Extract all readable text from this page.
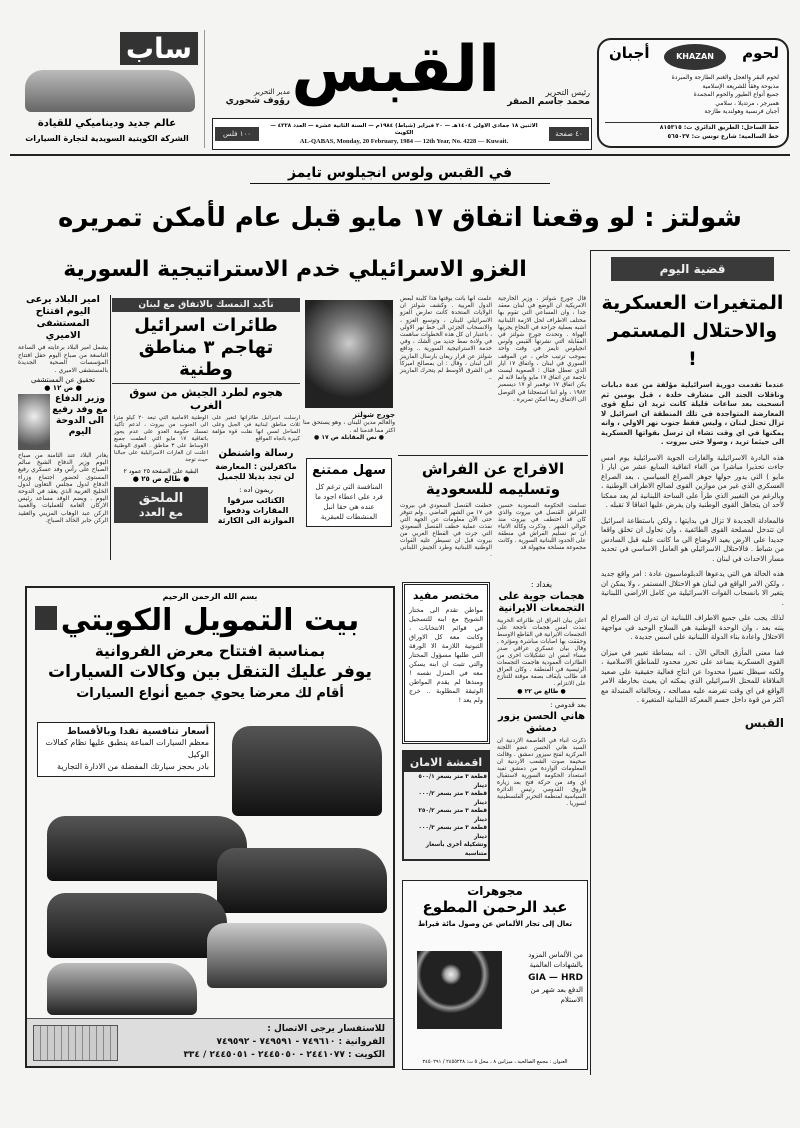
ساب
عالم جديد وديناميكي للقيادة
الشركة الكويتية السويدية لتجارة السيارات
القبس	رئيس التحرير
محمد جاسم الصقر
مدير التحرير
رؤوف شحوري
١٠٠ فلس
الاثنين ١٨ جمادى الاولى ١٤٠٤هـ — ٢٠ فبراير (شباط) ١٩٨٤م — السنة الثانية عشرة — العدد ٤٢٢٨ — الكويت
AL-QABAS, Monday, 20 February, 1984 — 12th Year, No. 4228 — Kuwait.
٤٠ صفحة
لحوم
أجبان	KHAZAN
لحوم البقر والعجل والغنم الطازجة والمبردة
مذبوحة وفقاً للشريعة الإسلامية
جميع أنواع الطيور والحوم المجمدة
همبرجر ، مرتديلا ، سلامي
أجبان فرنسية وهولندية طازجة
خط الساحل: الطريق الدائري ت: ٨١٥٣١٥
خط السالمية: شارع تونس ت: ٥٦٥٠٣٧
في القبس ولوس انجيلوس تايمز
شولتز : لو وقعنا اتفاق ١٧ مايو قبل عام لأمكن تمريره
الغزو الاسرائيلي خدم الاستراتيجية السورية	قضية اليوم
المتغيرات العسكرية والاحتلال المستمر !

عندما تقدمت دورية اسرائيلية مؤلفة من عدة دبابات وناقلات الجند الى مشارف خلدة ، قبل يومين ثم انسحبت بعد ساعات قليلة كانت تريد ان تبلغ قوى المعارضة المتواجدة في تلك المنطقة ان اسرائيل لا تزال تحتل لبنان ، وليس فقط جنوب نهر الاولي ، وانه يمكنها في اي وقت تشاء ان ترسل بقواتها العسكرية الى حيثما تريد ، وصولا حتى بيروت .

هذه البادرة الاسرائيلية والغارات الجوية الاسرائيلية يوم امس جاءت تحذيرا مباشرا من الغاء اتفاقية السابع عشر من ايار ( مايو ) التي يدور حولها جوهر الصراع السياسي ، بعد الصراع العسكري الذي غير من موازين القوى لصالح الاطراف الوطنية ، وبالرغم من التغيير الذي طرأ على الساحة اللبنانية لم يعد ممكنا لأحد ان يتجاهل القوى الوطنية وان يفرض عليها اتفاقا لا تقبله .

فالمعادلة الجديدة لا تزال في بدايتها ، ولكن باستطاعة اسرائيل ان تتدخل لمصلحة القوى الطائفية ، وان تحاول ان تخلق واقعا جديدا على الارض يعيد الاوضاع الى ما كانت عليه قبل السادس من شباط . فالاحتلال الاسرائيلي هو العامل الاساسي في تحديد مسار الاحداث في لبنان .

هذه الحالة هي التي يدعوها الدبلوماسيون عادة : امر واقع جديد ، ولكن الامر الواقع في لبنان هو الاحتلال المستمر ، ولا يمكن ان يتغير الا بانسحاب القوات الاسرائيلية من كامل الاراضي اللبنانية .

لذلك يجب على جميع الاطراف اللبنانية ان تدرك ان الصراع لم ينته بعد ، وان الوحدة الوطنية هي السلاح الوحيد في مواجهة الاحتلال واعادة بناء الدولة اللبنانية على اسس جديدة .

فما معنى المأزق الحالي الآن . انه ببساطة تغيير في ميزان القوى العسكرية يساعد على تحرر محدود للمناطق الاسلامية ، ولكنه سيظل تغييرا محدودا عن انتاج فعالية حقيقية على صعيد الملاقاة للمحتل الاسرائيلي الذي يمكنه ان يعيث بخارطة الامر الواقع في اي وقت تفرضه عليه مصالحه ، وتحالفاته المتبدلة مع اكثر من قوة داخل جسم المعركة اللبنانية المتغيرة .

القبس
امير البلاد يرعى اليوم افتتاح المستشفى الاميري

يشمل امير البلاد برعايته في الساعة التاسعة من صباح اليوم حفل افتتاح المؤسسات الصحية الجديدة بالمستشفى الاميري .

تحقيق عن المستشفى
● ص ١٢ ●
وزير الدفاع مع وفد رفيع الى الدوحة اليوم

يغادر البلاد عند الثامنة من صباح اليوم وزير الدفاع الشيخ سالم الصباح على رأس وفد عسكري رفيع المستوى لحضور اجتماع وزراء الدفاع لدول مجلس التعاون لدول الخليج العربية الذي يعقد في الدوحة اليوم . ويضم الوفد مساعد رئيس الاركان العامة للعمليات والعميد الركن عبد الوهاب المزيني والعقيد الركن جابر الخالد الصباح.

تأكيد التمسك بالاتفاق مع لبنان
طائرات اسرائيل تهاجم ٣ مناطق وطنية
هجوم لطرد الجيش من سوق الغرب

ارسلت اسرائيل طائراتها لتغير على ثلاث مناطق لبنانية في الجبل وعلى الساحل لمس انها نقلت قوة مؤلفة كبيرة باتجاه المواقع

رسالة واشنطن
ماكفرلين : المعارضة لن تجد بديلا للجميل
ريمون اده :
الكتائب سرقوا المقارات ودفعوا الموازنة الى الكارثة

الوطنية الامامية التي تبعد ٢٠ كيلو مترا الى الجنوب من بيروت ، لدعم تأكيد تمسك حكومة العدو على عدم يجوز باتفاقية ١٧ مايو التي انطمت جميع الاوساط على ٣ مناطق . القوى الوطنية اعلنت ان الغارات الاسرائيلية على جبالنا حيث توجد

البقية على الصفحة ٢٥ عمود ٢
● طالع ص ٢٥ ●
الملحق
مع العدد
جورج شولتز

والعالم مدين للبنان ، وهو يستحق منا اكثر مما قدمنا له .

● نص المقابلة ص ١٧ ●

قال جورج شولتز ، وزير الخارجية الامريكية ان الوضع في لبنان معقد جدا ، وان المساعي التي تقوم بها مختلف الاطراف لحل الازمة اللبنانية اشبه بعملية جراحة في النخاع يجريها الهواة . وتحدث جورج شولتز في المقابلة التي نشرتها القبس ولوس انجيلوس تايمز في وقت واحد بموجب ترتيب خاص ، عن الموقف السوري في لبنان ، واتفاق ١٧ ايار الذي تعطل فقال : الصعوبة ليست ناجمة عن اتفاق ١٧ مايو وانما لانه لم يكن اتفاق ١٧ نوفمبر او ١٧ ديسمبر ١٩٨٢ ، ولو اننا استعجلنا في التوصل الى الاتفاق ربما امكن تمريره .

علمت انها باتت بوقتها هذا كلبنة لبعض الدول العربية . وكشف شولتز ان الولايات المتحدة كانت تعارض الغزو الاسرائيلي للبنان ، وتوسيع الغزو ، والانسحاب الجزئي الى خط نهر الاولي ، باعتبار ان كل هذه الخطوات ساهمت في ولادة نمط جديد من الشك ، وفي خدمة الاستراتيجية السورية .. ودافع شولتز عن قرار ريغان بارسال المارينز الى لبنان ، وقال : ان بمصالح اميركا في الشرق الاوسط لم يتحرك المارينز ..

سهل ممتنع

المنافسة التي ترغم كل فرد على اعطاء اجود ما عنده هي حقا انبل المنشطات للعبقرية

الافراج عن الفراش وتسليمه للسعودية

تسلمت الحكومة السعودية حسين الفراش القنصل في بيروت والذي كان قد اختطف في بيروت منذ حوالي الشهر . وذكرت وكالة الانباء ان تم تسليم الفراش في منطقة على الحدود اللبنانية السورية . وكانت مجموعة مسلحة مجهولة قد

خطفت القنصل السعودي في بيروت في ١٧ من الشهر الماضي . ولم تتوفر حتى الآن معلومات عن الجهة التي نفذت عملية خطف القنصل السعودي التي جرت في القطاع الغربي من بيروت قبل ان تسيطر عليه القوات الوطنية اللبنانية وطرد الجيش اللبناني .

بسم الله الرحمن الرحيم
بيت التمويل الكويتي
بمناسبة افتتاح معرض الفروانية
يوفر عليك التنقل بين وكالات السيارات
أقام لك معرضا يحوي جميع أنواع السيارات
أسعار تنافسية نقدا وبالأقساط
معظم السيارات المباعة ينطبق عليها نظام كفالات الوكيل
بادر بحجز سيارتك المفضلة من الادارة التجارية
للاستفسار يرجى الاتصال :
الفروانية : ٧٤٩٦١٠ - ٧٤٩٥٩١ - ٧٤٩٥٩٢
الكويت : ٢٤٤١٠٧٧ - ٢٤٤٥٠٥٠ - ٢٤٤٥٠٥١ / ٣٣٤
مختصر مفيد

مواطن تقدم الى مختار الشويخ مع ابنه للتسجيل في قوائم الانتخابات ، وكانت معه كل الاوراق الثبوتية اللازمة الا الورقة التي طلبها مسؤول المختار والتي تثبت ان ابنه يسكن معه في المنزل نفسه ! ومنذها لم يقدم المواطن الوثيقة المطلوبة .. خرج ولم يعد !

اقمشة الامان
قطعة ٣ متر بسعر ٥٠٠/١ دينار
قطعة ٣ متر بسعر ٠٠٠/٢ دينار
قطعة ٣ متر بسعر ٢٥٠/٢ دينار
قطعة ٣ متر بسعر ٠٠٠/٣ دينار
وتشكيلة أخرى بأسعار متناسبة
بغداد :
هجمات جوية على التجمعات الايرانية

اعلن بيان العراق ان طائراته الحربية نفذت امس هجمات ناجحة على التجمعات الايرانية في القاطع الاوسط وحققت بها اصابات مباشرة ومؤثرة . وقال بيان عسكري عراقي صدر مساء امس ان تشكيلات اخرى من الطائرات العمودية هاجمت التجمعات الرئيسية في المنطقة . وكان العراق قد طالب بايقاف بصفة موقتة للتنازع على الانتزام .

● طالع ص ٢٢ ●
بعد قدومي :
هاني الحسن يزور دمشق

ذكرت انباء في العاصمة الاردنية ان السيد هاني الحسن عضو اللجنة المركزية لفتح سيزور دمشق . وقالت صحيفة صوت الشعب الاردنية ان المعلومات الواردة من دمشق تفيد استعداد الحكومة السورية لاستقبال اي وفد من حركة فتح بعد زيارة فاروق القدومي رئيس الدائرة السياسية لمنظمة التحرير الفلسطينية لسوريا .

مجوهرات
عبد الرحمن المطوع
تعال إلى تجار الألماس عن وصول مائة قيراط
من الألماس المزود بالشهادات العالمية
GIA — HRD
الدفع بعد شهر من الاستلام
العنوان : مجمع الصالحية ، ميزانين ٨ ، محل ٥ ت: ٢٤٥٥٢٢٨ / ٢٤٥٠٢٩١
